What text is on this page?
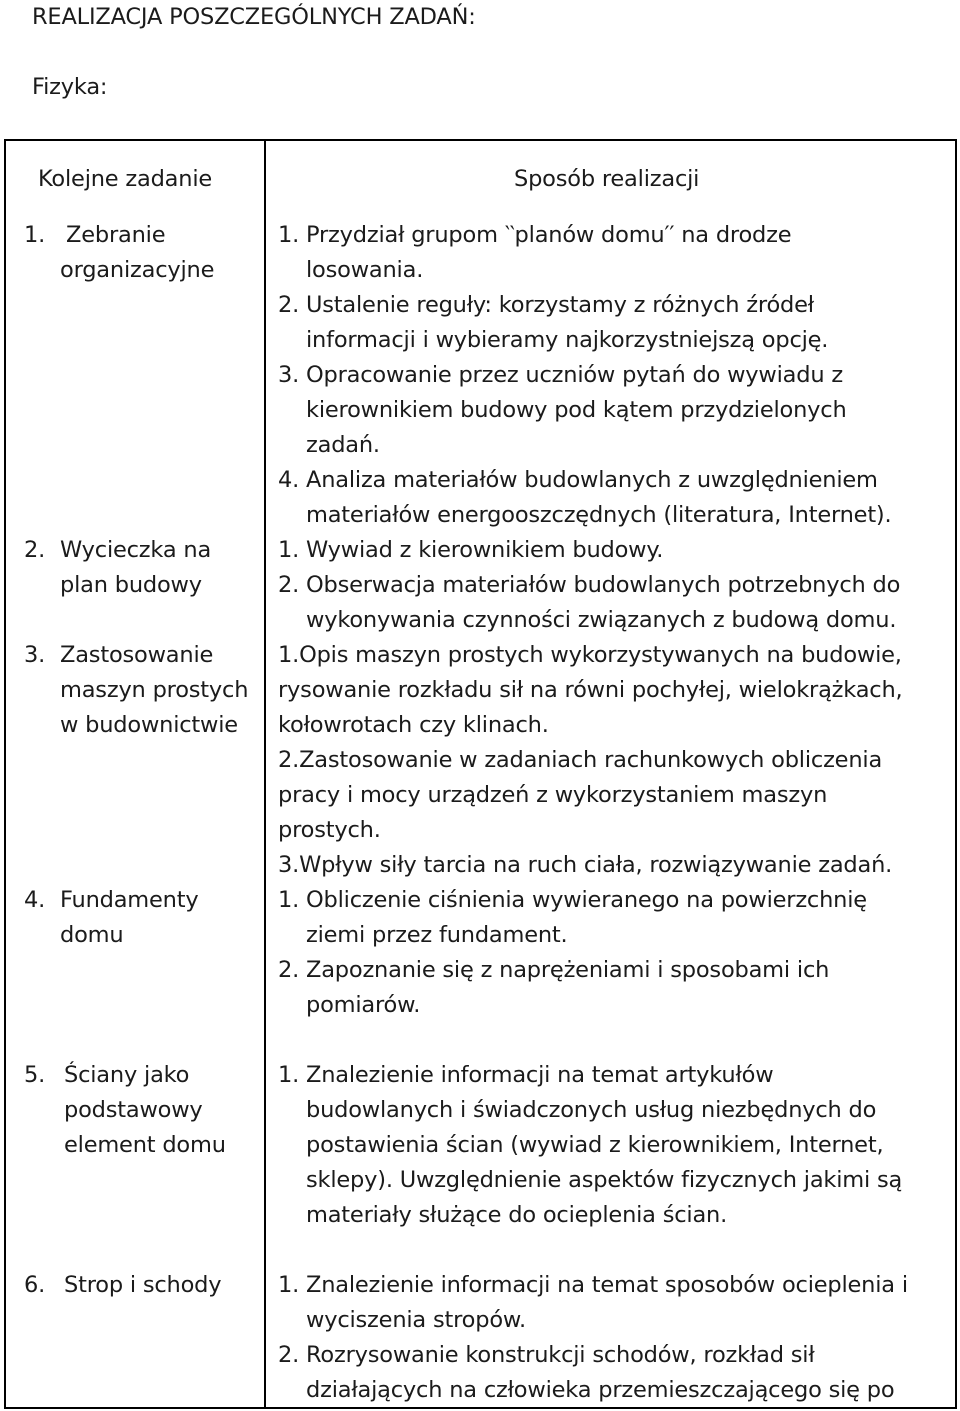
REALIZACJA POSZCZEGÓLNYCH ZADAŃ:
Fizyka:
Kolejne zadanie	Sposób realizacji
1. Zebranie
organizacyjne
1. Przydział grupom ‵‵planów domu′′ na drodze
losowania.
2. Ustalenie reguły: korzystamy z różnych źródeł
informacji i wybieramy najkorzystniejszą opcję.
3. Opracowanie przez uczniów pytań do wywiadu z
kierownikiem budowy pod kątem przydzielonych
zadań.
4. Analiza materiałów budowlanych z uwzględnieniem
materiałów energooszczędnych (literatura, Internet).
2. Wycieczka na
plan budowy
1. Wywiad z kierownikiem budowy.
2. Obserwacja materiałów budowlanych potrzebnych do
wykonywania czynności związanych z budową domu.
3. Zastosowanie
maszyn prostych
w budownictwie
1.Opis maszyn prostych wykorzystywanych na budowie,
rysowanie rozkładu sił na równi pochyłej, wielokrążkach,
kołowrotach czy klinach.
2.Zastosowanie w zadaniach rachunkowych obliczenia
pracy i mocy urządzeń z wykorzystaniem maszyn
prostych.
3.Wpływ siły tarcia na ruch ciała, rozwiązywanie zadań.
4. Fundamenty
domu
1. Obliczenie ciśnienia wywieranego na powierzchnię
ziemi przez fundament.
2. Zapoznanie się z naprężeniami i sposobami ich
pomiarów.
5. Ściany jako
podstawowy
element domu
1. Znalezienie informacji na temat artykułów
budowlanych i świadczonych usług niezbędnych do
postawienia ścian (wywiad z kierownikiem, Internet,
sklepy). Uwzględnienie aspektów fizycznych jakimi są
materiały służące do ocieplenia ścian.
6. Strop i schody	1. Znalezienie informacji na temat sposobów ocieplenia i
wyciszenia stropów.
2. Rozrysowanie konstrukcji schodów, rozkład sił
działających na człowieka przemieszczającego się po
